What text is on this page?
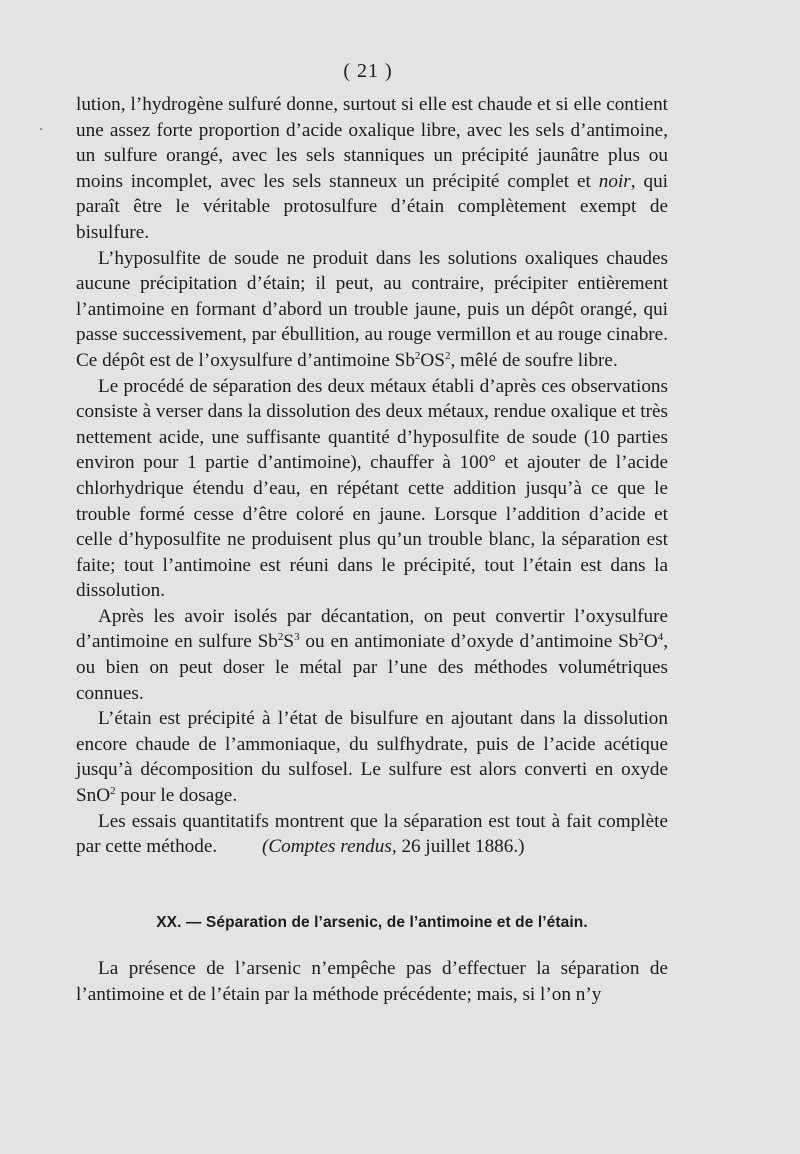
( 21 )

lution, l’hydrogène sulfuré donne, surtout si elle est chaude et si elle contient une assez forte proportion d’acide oxalique libre, avec les sels d’antimoine, un sulfure orangé, avec les sels stanniques un précipité jaunâtre plus ou moins incomplet, avec les sels stanneux un précipité complet et noir, qui paraît être le véritable protosulfure d’étain complètement exempt de bisulfure.

L’hyposulfite de soude ne produit dans les solutions oxaliques chaudes aucune précipitation d’étain; il peut, au contraire, précipiter entièrement l’antimoine en formant d’abord un trouble jaune, puis un dépôt orangé, qui passe successivement, par ébullition, au rouge vermillon et au rouge cinabre. Ce dépôt est de l’oxysulfure d’antimoine $Sb^2OS^2$, mêlé de soufre libre.

Le procédé de séparation des deux métaux établi d’après ces observations consiste à verser dans la dissolution des deux métaux, rendue oxalique et très nettement acide, une suffisante quantité d’hyposulfite de soude (10 parties environ pour 1 partie d’antimoine), chauffer à 100° et ajouter de l’acide chlorhydrique étendu d’eau, en répétant cette addition jusqu’à ce que le trouble formé cesse d’être coloré en jaune. Lorsque l’addition d’acide et celle d’hyposulfite ne produisent plus qu’un trouble blanc, la séparation est faite; tout l’antimoine est réuni dans le précipité, tout l’étain est dans la dissolution.

Après les avoir isolés par décantation, on peut convertir l’oxysulfure d’antimoine en sulfure $Sb^2S^3$ ou en antimoniate d’oxyde d’antimoine $Sb^2O^4$, ou bien on peut doser le métal par l’une des méthodes volumétriques connues.

L’étain est précipité à l’état de bisulfure en ajoutant dans la dissolution encore chaude de l’ammoniaque, du sulfhydrate, puis de l’acide acétique jusqu’à décomposition du sulfosel. Le sulfure est alors converti en oxyde SnO$^2$ pour le dosage.

Les essais quantitatifs montrent que la séparation est tout à fait complète par cette méthode. (Comptes rendus, 26 juillet 1886.)

XX. — Séparation de l’arsenic, de l’antimoine et de l’étain.

La présence de l’arsenic n’empêche pas d’effectuer la séparation de l’antimoine et de l’étain par la méthode précédente; mais, si l’on n’y
